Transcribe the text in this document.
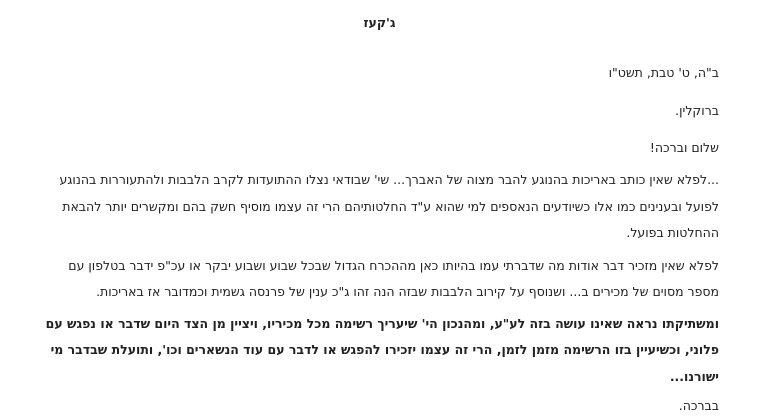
ג'קעז

ב"ה, ט' טבת, תשט"ו

ברוקלין.

שלום וברכה!

...לפלא שאין כותב באריכות בהנוגע להבר מצוה של האברך... שי' שבודאי נצלו ההתועדות לקרב הלבבות ולהתעוררות בהנוגע לפועל ובענינים כמו אלו כשיודעים הנאספים למי שהוא ע"ד החלטותיהם הרי זה עצמו מוסיף חשק בהם ומקשרים יותר להבאת ההחלטות בפועל.

לפלא שאין מזכיר דבר אודות מה שדברתי עמו בהיותו כאן מההכרח הגדול שבכל שבוע ושבוע יבקר או עכ"פ ידבר בטלפון עם מספר מסוים של מכירים ב... ושנוסף על קירוב הלבבות שבזה הנה זהו ג"כ ענין של פרנסה גשמית וכמדובר אז באריכות.

ומשתיקתו נראה שאינו עושה בזה לע"ע, ומהנכון הי' שיעריך רשימה מכל מכיריו, ויציין מן הצד היום שדבר או נפגש עם פלוני, וכשיעיין בזו הרשימה מזמן לזמן, הרי זה עצמו יזכירו להפגש או לדבר עם עוד הנשארים וכו', ותועלת שבדבר מי ישורנו...

בברכה.
